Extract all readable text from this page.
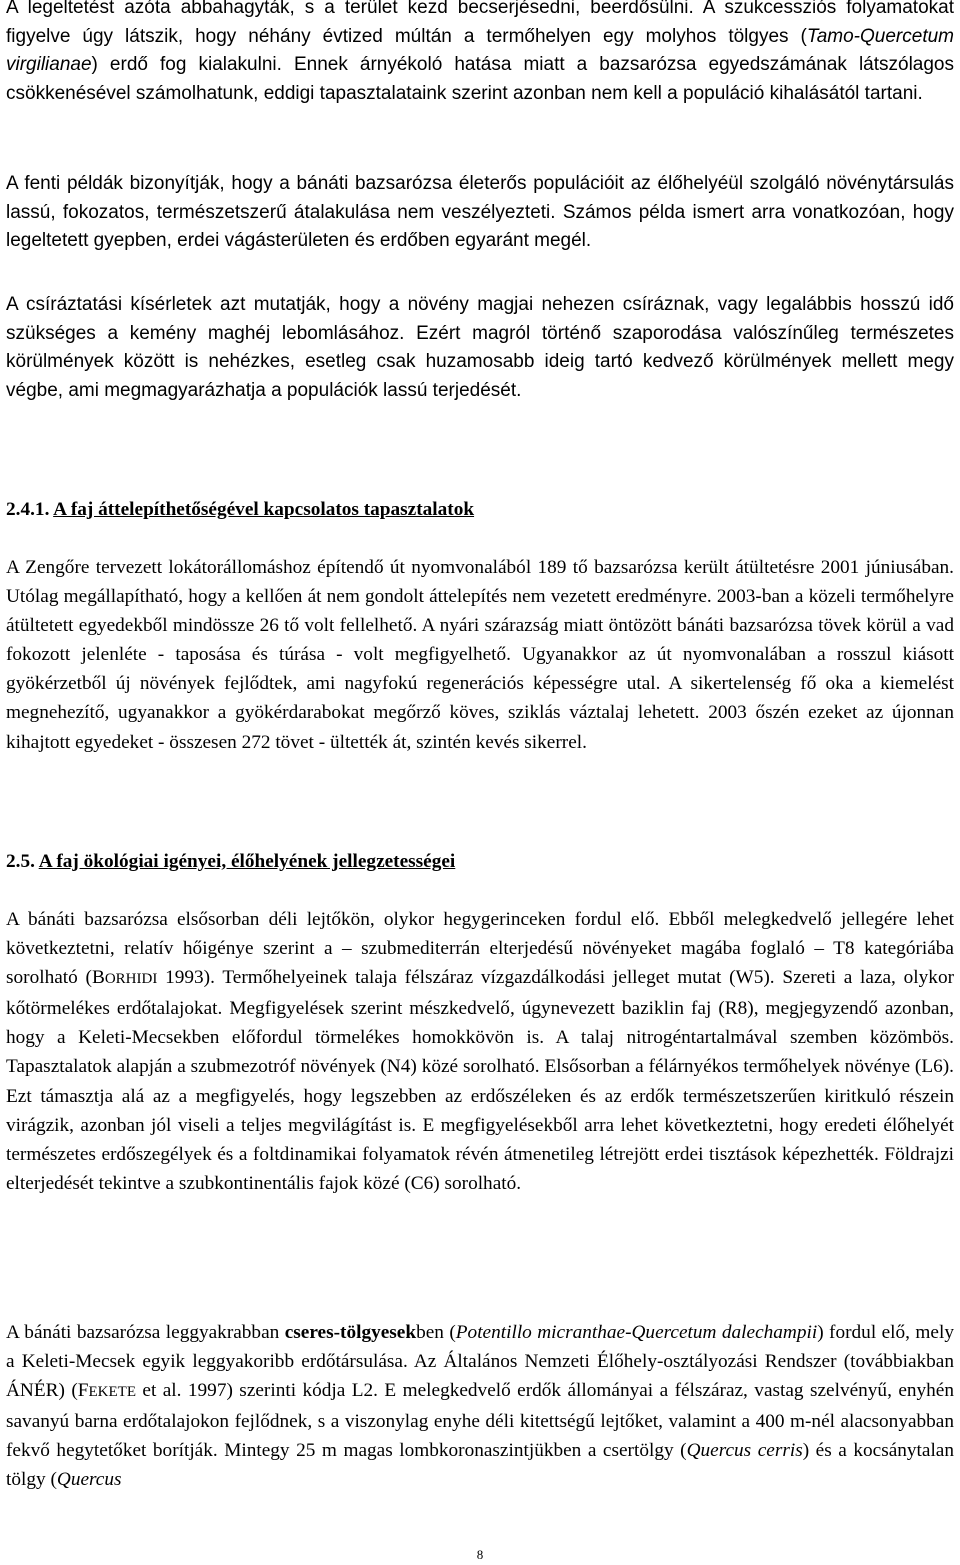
A legeltetést azóta abbahagyták, s a terület kezd becserjésedni, beerdősülni. A szukcessziós folyamatokat figyelve úgy látszik, hogy néhány évtized múltán a termőhelyen egy molyhos tölgyes (Tamo-Quercetum virgilianae) erdő fog kialakulni. Ennek árnyékoló hatása miatt a bazsarózsa egyedszámának látszólagos csökkenésével számolhatunk, eddigi tapasztalataink szerint azonban nem kell a populáció kihalásától tartani.

A fenti példák bizonyítják, hogy a bánáti bazsarózsa életerős populációit az élőhelyéül szolgáló növénytársulás lassú, fokozatos, természetszerű átalakulása nem veszélyezteti. Számos példa ismert arra vonatkozóan, hogy legeltetett gyepben, erdei vágásterületen és erdőben egyaránt megél.

A csíráztatási kísérletek azt mutatják, hogy a növény magjai nehezen csíráznak, vagy legalábbis hosszú idő szükséges a kemény maghéj lebomlásához. Ezért magról történő szaporodása valószínűleg természetes körülmények között is nehézkes, esetleg csak huzamosabb ideig tartó kedvező körülmények mellett megy végbe, ami megmagyarázhatja a populációk lassú terjedését.

2.4.1. A faj áttelepíthetőségével kapcsolatos tapasztalatok

A Zengőre tervezett lokátorállomáshoz építendő út nyomvonalából 189 tő bazsarózsa került átültetésre 2001 júniusában. Utólag megállapítható, hogy a kellően át nem gondolt áttelepítés nem vezetett eredményre. 2003-ban a közeli termőhelyre átültetett egyedekből mindössze 26 tő volt fellelhető. A nyári szárazság miatt öntözött bánáti bazsarózsa tövek körül a vad fokozott jelenléte - taposása és túrása - volt megfigyelhető. Ugyanakkor az út nyomvonalában a rosszul kiásott gyökérzetből új növények fejlődtek, ami nagyfokú regenerációs képességre utal. A sikertelenség fő oka a kiemelést megnehezítő, ugyanakkor a gyökérdarabokat megőrző köves, sziklás váztalaj lehetett. 2003 őszén ezeket az újonnan kihajtott egyedeket - összesen 272 tövet - ültették át, szintén kevés sikerrel.

2.5. A faj ökológiai igényei, élőhelyének jellegzetességei

A bánáti bazsarózsa elsősorban déli lejtőkön, olykor hegygerinceken fordul elő. Ebből melegkedvelő jellegére lehet következtetni, relatív hőigénye szerint a – szubmediterrán elterjedésű növényeket magába foglaló – T8 kategóriába sorolható (BORHIDI 1993). Termőhelyeinek talaja félszáraz vízgazdálkodási jelleget mutat (W5). Szereti a laza, olykor kőtörmelékes erdőtalajokat. Megfigyelések szerint mészkedvelő, úgynevezett baziklin faj (R8), megjegyzendő azonban, hogy a Keleti-Mecsekben előfordul törmelékes homokkövön is. A talaj nitrogéntartalmával szemben közömbös. Tapasztalatok alapján a szubmezotróf növények (N4) közé sorolható. Elsősorban a félárnyékos termőhelyek növénye (L6). Ezt támasztja alá az a megfigyelés, hogy legszebben az erdőszéleken és az erdők természetszerűen kiritkuló részein virágzik, azonban jól viseli a teljes megvilágítást is. E megfigyelésekből arra lehet következtetni, hogy eredeti élőhelyét természetes erdőszegélyek és a foltdinamikai folyamatok révén átmenetileg létrejött erdei tisztások képezhették. Földrajzi elterjedését tekintve a szubkontinentális fajok közé (C6) sorolható.

A bánáti bazsarózsa leggyakrabban cseres-tölgyesekben (Potentillo micranthae-Quercetum dalechampii) fordul elő, mely a Keleti-Mecsek egyik leggyakoribb erdőtársulása. Az Általános Nemzeti Élőhely-osztályozási Rendszer (továbbiakban ÁNÉR) (FEKETE et al. 1997) szerinti kódja L2. E melegkedvelő erdők állományai a félszáraz, vastag szelvényű, enyhén savanyú barna erdőtalajokon fejlődnek, s a viszonylag enyhe déli kitettségű lejtőket, valamint a 400 m-nél alacsonyabban fekvő hegytetőket borítják. Mintegy 25 m magas lombkoronaszintjükben a csertölgy (Quercus cerris) és a kocsánytalan tölgy (Quercus

8
